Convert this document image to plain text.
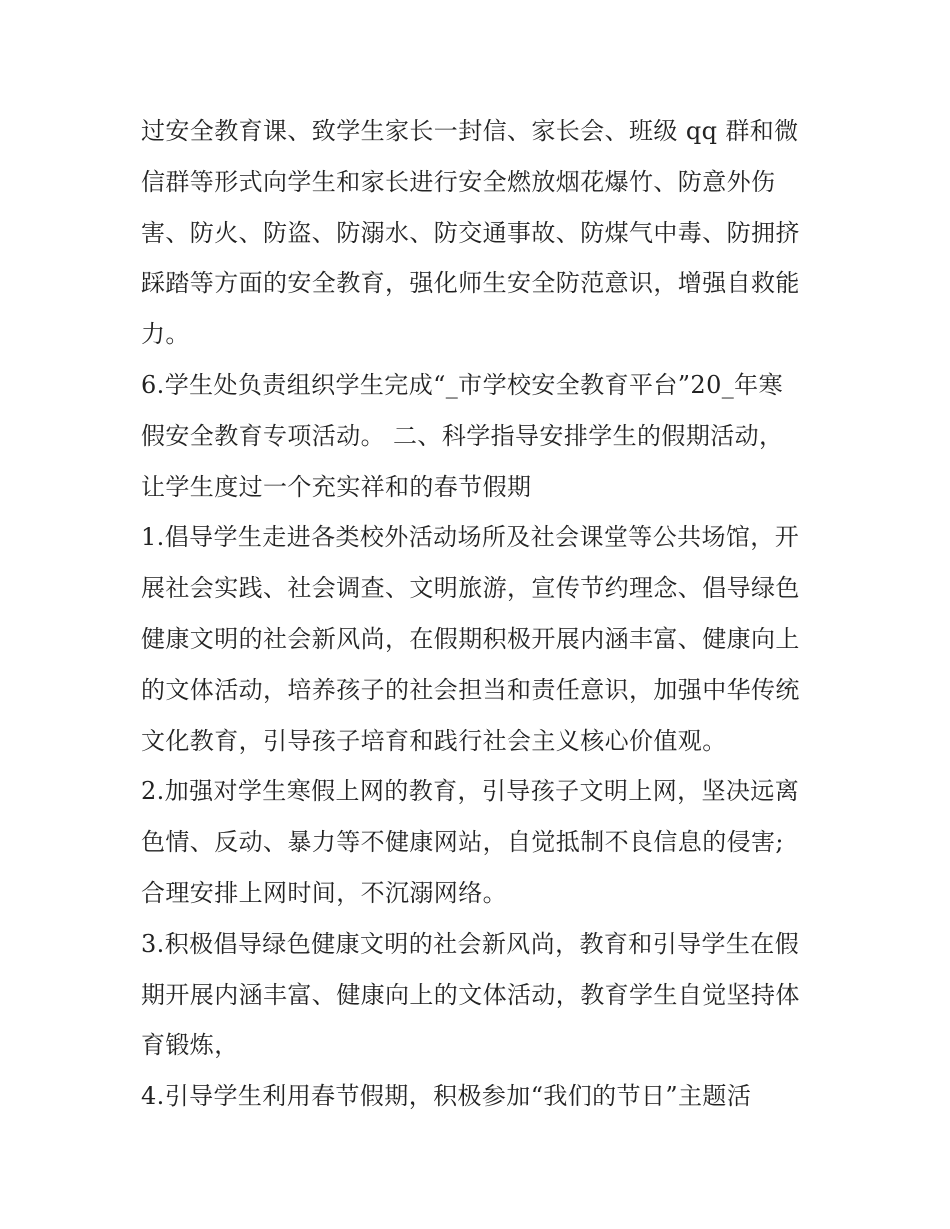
过安全教育课、致学生家长一封信、家长会、班级 qq 群和微
信群等形式向学生和家长进行安全燃放烟花爆竹、防意外伤
害、防火、防盗、防溺水、防交通事故、防煤气中毒、防拥挤
踩踏等方面的安全教育，强化师生安全防范意识，增强自救能
力。
6.学生处负责组织学生完成“_市学校安全教育平台”20_年寒
假安全教育专项活动。 二、科学指导安排学生的假期活动，
让学生度过一个充实祥和的春节假期
1.倡导学生走进各类校外活动场所及社会课堂等公共场馆，开
展社会实践、社会调查、文明旅游，宣传节约理念、倡导绿色
健康文明的社会新风尚，在假期积极开展内涵丰富、健康向上
的文体活动，培养孩子的社会担当和责任意识，加强中华传统
文化教育，引导孩子培育和践行社会主义核心价值观。
2.加强对学生寒假上网的教育，引导孩子文明上网，坚决远离
色情、反动、暴力等不健康网站，自觉抵制不良信息的侵害;
合理安排上网时间，不沉溺网络。
3.积极倡导绿色健康文明的社会新风尚，教育和引导学生在假
期开展内涵丰富、健康向上的文体活动，教育学生自觉坚持体
育锻炼，
4.引导学生利用春节假期，积极参加“我们的节日”主题活
